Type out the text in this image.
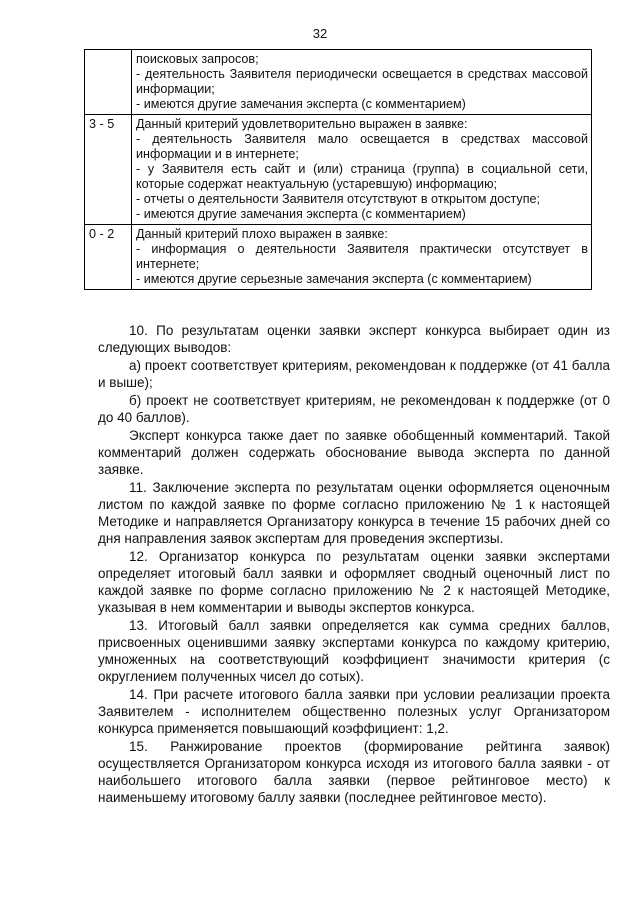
32

	поисковых запросов;
- деятельность Заявителя периодически освещается в средствах массовой информации;
- имеются другие замечания эксперта (с комментарием)

3 - 5	Данный критерий удовлетворительно выражен в заявке:
- деятельность Заявителя мало освещается в средствах массовой информации и в интернете;
- у Заявителя есть сайт и (или) страница (группа) в социальной сети, которые содержат неактуальную (устаревшую) информацию;
- отчеты о деятельности Заявителя отсутствуют в открытом доступе;
- имеются другие замечания эксперта (с комментарием)

0 - 2	Данный критерий плохо выражен в заявке:
- информация о деятельности Заявителя практически отсутствует в интернете;
- имеются другие серьезные замечания эксперта (с комментарием)

10. По результатам оценки заявки эксперт конкурса выбирает один из следующих выводов:

а) проект соответствует критериям, рекомендован к поддержке (от 41 балла и выше);

б) проект не соответствует критериям, не рекомендован к поддержке (от 0 до 40 баллов).

Эксперт конкурса также дает по заявке обобщенный комментарий. Такой комментарий должен содержать обоснование вывода эксперта по данной заявке.

11. Заключение эксперта по результатам оценки оформляется оценочным листом по каждой заявке по форме согласно приложению № 1 к настоящей Методике и направляется Организатору конкурса в течение 15 рабочих дней со дня направления заявок экспертам для проведения экспертизы.

12. Организатор конкурса по результатам оценки заявки экспертами определяет итоговый балл заявки и оформляет сводный оценочный лист по каждой заявке по форме согласно приложению № 2 к настоящей Методике, указывая в нем комментарии и выводы экспертов конкурса.

13. Итоговый балл заявки определяется как сумма средних баллов, присвоенных оценившими заявку экспертами конкурса по каждому критерию, умноженных на соответствующий коэффициент значимости критерия (с округлением полученных чисел до сотых).

14. При расчете итогового балла заявки при условии реализации проекта Заявителем - исполнителем общественно полезных услуг Организатором конкурса применяется повышающий коэффициент: 1,2.

15. Ранжирование проектов (формирование рейтинга заявок) осуществляется Организатором конкурса исходя из итогового балла заявки - от наибольшего итогового балла заявки (первое рейтинговое место) к наименьшему итоговому баллу заявки (последнее рейтинговое место).
